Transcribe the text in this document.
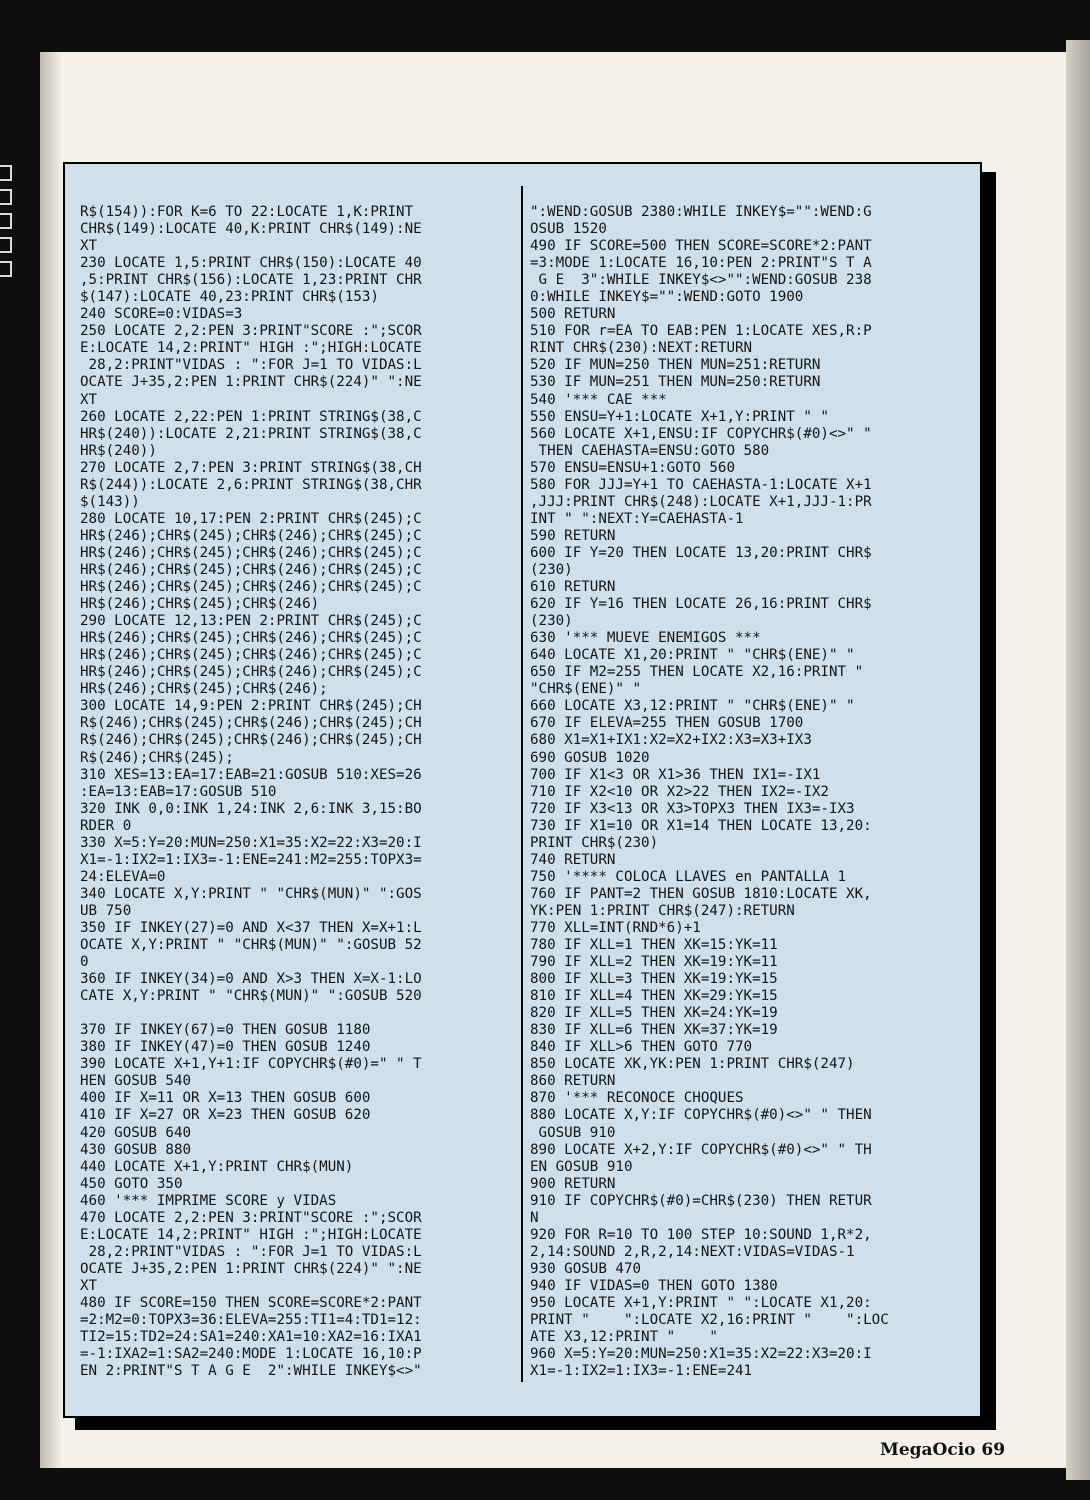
R$(154)):FOR K=6 TO 22:LOCATE 1,K:PRINT
CHR$(149):LOCATE 40,K:PRINT CHR$(149):NE
XT
230 LOCATE 1,5:PRINT CHR$(150):LOCATE 40
,5:PRINT CHR$(156):LOCATE 1,23:PRINT CHR
$(147):LOCATE 40,23:PRINT CHR$(153)
240 SCORE=0:VIDAS=3
250 LOCATE 2,2:PEN 3:PRINT"SCORE :";SCOR
E:LOCATE 14,2:PRINT" HIGH :";HIGH:LOCATE
28,2:PRINT"VIDAS : ":FOR J=1 TO VIDAS:L
OCATE J+35,2:PEN 1:PRINT CHR$(224)" ":NE
XT
260 LOCATE 2,22:PEN 1:PRINT STRING$(38,C
HR$(240)):LOCATE 2,21:PRINT STRING$(38,C
HR$(240))
270 LOCATE 2,7:PEN 3:PRINT STRING$(38,CH
R$(244)):LOCATE 2,6:PRINT STRING$(38,CHR
$(143))
280 LOCATE 10,17:PEN 2:PRINT CHR$(245);C
HR$(246);CHR$(245);CHR$(246);CHR$(245);C
HR$(246);CHR$(245);CHR$(246);CHR$(245);C
HR$(246);CHR$(245);CHR$(246);CHR$(245);C
HR$(246);CHR$(245);CHR$(246);CHR$(245);C
HR$(246);CHR$(245);CHR$(246)
290 LOCATE 12,13:PEN 2:PRINT CHR$(245);C
HR$(246);CHR$(245);CHR$(246);CHR$(245);C
HR$(246);CHR$(245);CHR$(246);CHR$(245);C
HR$(246);CHR$(245);CHR$(246);CHR$(245);C
HR$(246);CHR$(245);CHR$(246);
300 LOCATE 14,9:PEN 2:PRINT CHR$(245);CH
R$(246);CHR$(245);CHR$(246);CHR$(245);CH
R$(246);CHR$(245);CHR$(246);CHR$(245);CH
R$(246);CHR$(245);
310 XES=13:EA=17:EAB=21:GOSUB 510:XES=26
:EA=13:EAB=17:GOSUB 510
320 INK 0,0:INK 1,24:INK 2,6:INK 3,15:BO
RDER 0
330 X=5:Y=20:MUN=250:X1=35:X2=22:X3=20:I
X1=-1:IX2=1:IX3=-1:ENE=241:M2=255:TOPX3=
24:ELEVA=0
340 LOCATE X,Y:PRINT " "CHR$(MUN)" ":GOS
UB 750
350 IF INKEY(27)=0 AND X<37 THEN X=X+1:L
OCATE X,Y:PRINT " "CHR$(MUN)" ":GOSUB 52
0
360 IF INKEY(34)=0 AND X>3 THEN X=X-1:LO
CATE X,Y:PRINT " "CHR$(MUN)" ":GOSUB 520

370 IF INKEY(67)=0 THEN GOSUB 1180
380 IF INKEY(47)=0 THEN GOSUB 1240
390 LOCATE X+1,Y+1:IF COPYCHR$(#0)=" " T
HEN GOSUB 540
400 IF X=11 OR X=13 THEN GOSUB 600
410 IF X=27 OR X=23 THEN GOSUB 620
420 GOSUB 640
430 GOSUB 880
440 LOCATE X+1,Y:PRINT CHR$(MUN)
450 GOTO 350
460 '*** IMPRIME SCORE y VIDAS
470 LOCATE 2,2:PEN 3:PRINT"SCORE :";SCOR
E:LOCATE 14,2:PRINT" HIGH :";HIGH:LOCATE
28,2:PRINT"VIDAS : ":FOR J=1 TO VIDAS:L
OCATE J+35,2:PEN 1:PRINT CHR$(224)" ":NE
XT
480 IF SCORE=150 THEN SCORE=SCORE*2:PANT
=2:M2=0:TOPX3=36:ELEVA=255:TI1=4:TD1=12:
TI2=15:TD2=24:SA1=240:XA1=10:XA2=16:IXA1
=-1:IXA2=1:SA2=240:MODE 1:LOCATE 16,10:P
EN 2:PRINT"S T A G E  2":WHILE INKEY$<>"
":WEND:GOSUB 2380:WHILE INKEY$="":WEND:G
OSUB 1520
490 IF SCORE=500 THEN SCORE=SCORE*2:PANT
=3:MODE 1:LOCATE 16,10:PEN 2:PRINT"S T A
G E  3":WHILE INKEY$<>"":WEND:GOSUB 238
0:WHILE INKEY$="":WEND:GOTO 1900
500 RETURN
510 FOR r=EA TO EAB:PEN 1:LOCATE XES,R:P
RINT CHR$(230):NEXT:RETURN
520 IF MUN=250 THEN MUN=251:RETURN
530 IF MUN=251 THEN MUN=250:RETURN
540 '*** CAE ***
550 ENSU=Y+1:LOCATE X+1,Y:PRINT " "
560 LOCATE X+1,ENSU:IF COPYCHR$(#0)<>" "
THEN CAEHASTA=ENSU:GOTO 580
570 ENSU=ENSU+1:GOTO 560
580 FOR JJJ=Y+1 TO CAEHASTA-1:LOCATE X+1
,JJJ:PRINT CHR$(248):LOCATE X+1,JJJ-1:PR
INT " ":NEXT:Y=CAEHASTA-1
590 RETURN
600 IF Y=20 THEN LOCATE 13,20:PRINT CHR$
(230)
610 RETURN
620 IF Y=16 THEN LOCATE 26,16:PRINT CHR$
(230)
630 '*** MUEVE ENEMIGOS ***
640 LOCATE X1,20:PRINT " "CHR$(ENE)" "
650 IF M2=255 THEN LOCATE X2,16:PRINT "
"CHR$(ENE)" "
660 LOCATE X3,12:PRINT " "CHR$(ENE)" "
670 IF ELEVA=255 THEN GOSUB 1700
680 X1=X1+IX1:X2=X2+IX2:X3=X3+IX3
690 GOSUB 1020
700 IF X1<3 OR X1>36 THEN IX1=-IX1
710 IF X2<10 OR X2>22 THEN IX2=-IX2
720 IF X3<13 OR X3>TOPX3 THEN IX3=-IX3
730 IF X1=10 OR X1=14 THEN LOCATE 13,20:
PRINT CHR$(230)
740 RETURN
750 '**** COLOCA LLAVES en PANTALLA 1
760 IF PANT=2 THEN GOSUB 1810:LOCATE XK,
YK:PEN 1:PRINT CHR$(247):RETURN
770 XLL=INT(RND*6)+1
780 IF XLL=1 THEN XK=15:YK=11
790 IF XLL=2 THEN XK=19:YK=11
800 IF XLL=3 THEN XK=19:YK=15
810 IF XLL=4 THEN XK=29:YK=15
820 IF XLL=5 THEN XK=24:YK=19
830 IF XLL=6 THEN XK=37:YK=19
840 IF XLL>6 THEN GOTO 770
850 LOCATE XK,YK:PEN 1:PRINT CHR$(247)
860 RETURN
870 '*** RECONOCE CHOQUES
880 LOCATE X,Y:IF COPYCHR$(#0)<>" " THEN
GOSUB 910
890 LOCATE X+2,Y:IF COPYCHR$(#0)<>" " TH
EN GOSUB 910
900 RETURN
910 IF COPYCHR$(#0)=CHR$(230) THEN RETUR
N
920 FOR R=10 TO 100 STEP 10:SOUND 1,R*2,
2,14:SOUND 2,R,2,14:NEXT:VIDAS=VIDAS-1
930 GOSUB 470
940 IF VIDAS=0 THEN GOTO 1380
950 LOCATE X+1,Y:PRINT " ":LOCATE X1,20:
PRINT "    ":LOCATE X2,16:PRINT "    ":LOC
ATE X3,12:PRINT "    "
960 X=5:Y=20:MUN=250:X1=35:X2=22:X3=20:I
X1=-1:IX2=1:IX3=-1:ENE=241
MegaOcio 69
